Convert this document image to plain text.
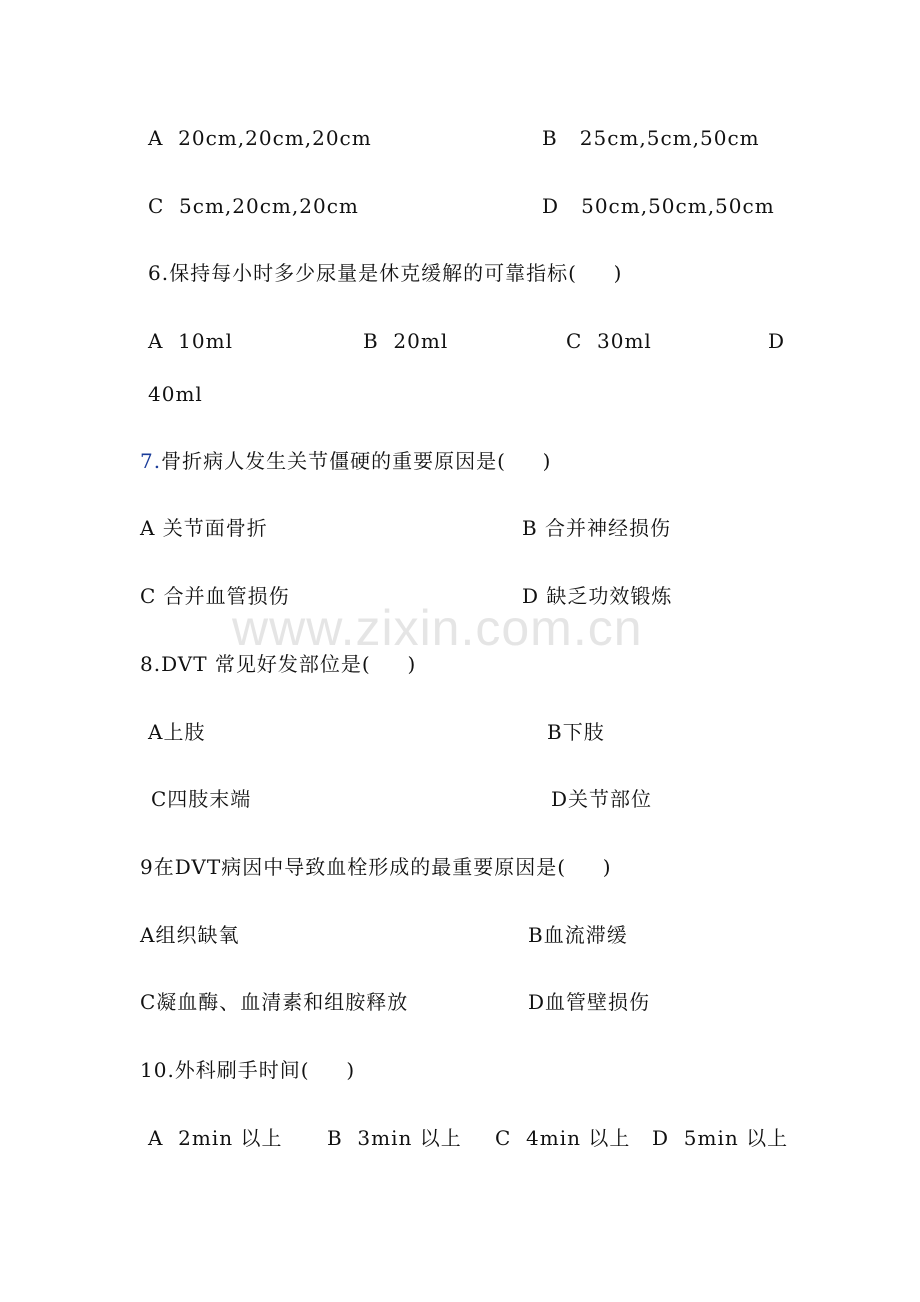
www.zixin.com.cn
A  20cm,20cm,20cm	B   25cm,5cm,50cm
C  5cm,20cm,20cm	D   50cm,50cm,50cm
6.保持每小时多少尿量是休克缓解的可靠指标(     )
A  10ml	B  20ml	C  30ml	D
40ml
7.骨折病人发生关节僵硬的重要原因是(     )
A 关节面骨折	B 合并神经损伤
C 合并血管损伤	D 缺乏功效锻炼
8.DVT 常见好发部位是(     )
A上肢	B下肢
C四肢末端	D关节部位
9在DVT病因中导致血栓形成的最重要原因是(     )
A组织缺氧	B血流滞缓
C凝血酶、血清素和组胺释放	D血管壁损伤
10.外科刷手时间(     )
A  2min 以上 B  3min 以上 C  4min 以上 D  5min 以上
